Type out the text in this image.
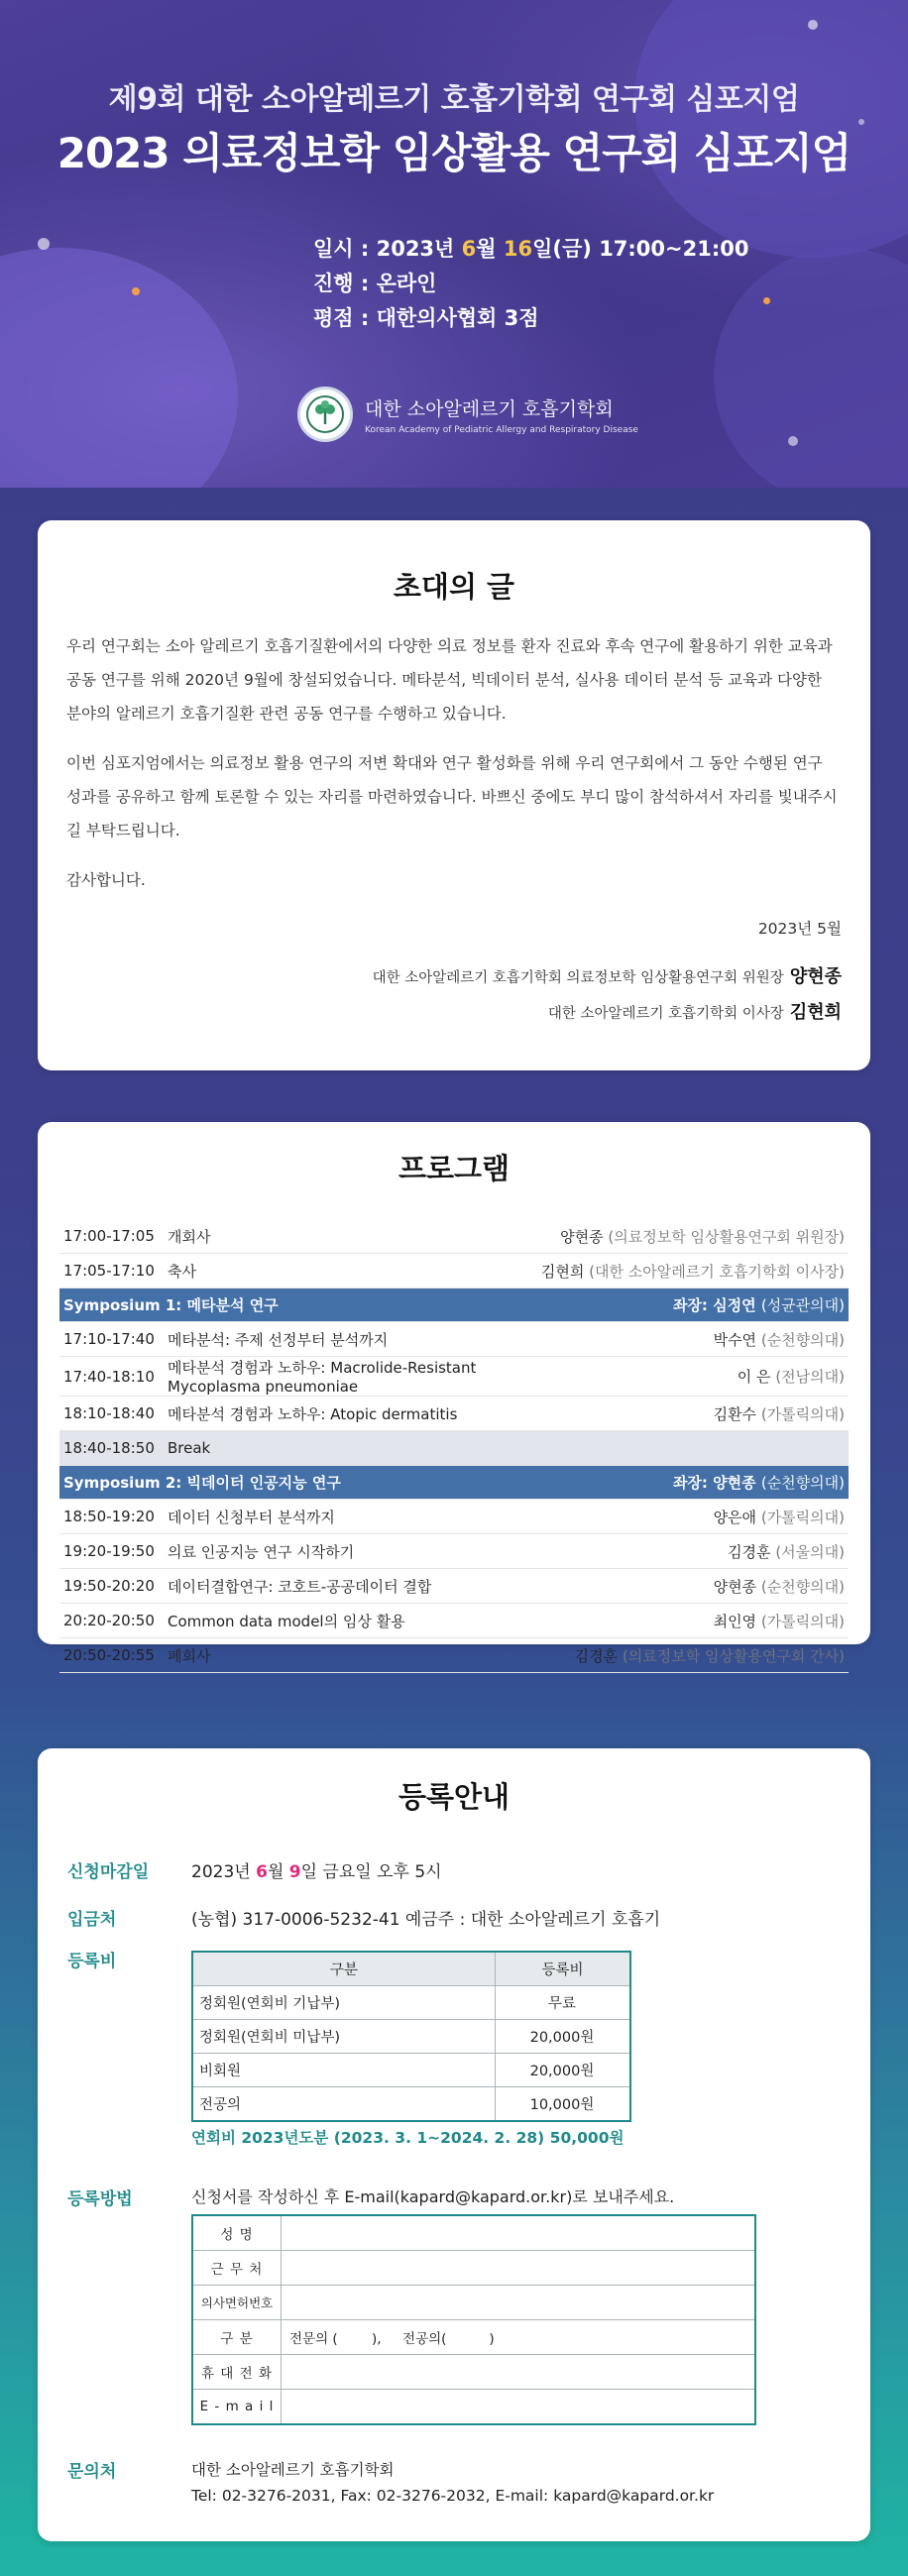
제9회 대한 소아알레르기 호흡기학회 연구회 심포지엄
2023 의료정보학 임상활용 연구회 심포지엄
일시 : 2023년 6월 16일(금) 17:00~21:00
진행 : 온라인
평점 : 대한의사협회 3점
대한 소아알레르기 호흡기학회
Korean Academy of Pediatric Allergy and Respiratory Disease
초대의 글
우리 연구회는 소아 알레르기 호흡기질환에서의 다양한 의료 정보를 환자 진료와 후속 연구에 활용하기 위한 교육과 공동 연구를 위해 2020년 9월에 창설되었습니다. 메타분석, 빅데이터 분석, 실사용 데이터 분석 등 교육과 다양한 분야의 알레르기 호흡기질환 관련 공동 연구를 수행하고 있습니다.
이번 심포지엄에서는 의료정보 활용 연구의 저변 확대와 연구 활성화를 위해 우리 연구회에서 그 동안 수행된 연구 성과를 공유하고 함께 토론할 수 있는 자리를 마련하였습니다. 바쁘신 중에도 부디 많이 참석하셔서 자리를 빛내주시길 부탁드립니다.
감사합니다.
2023년 5월
대한 소아알레르기 호흡기학회 의료정보학 임상활용연구회 위원장 양현종
대한 소아알레르기 호흡기학회 이사장 김현희
프로그램
17:00-17:05	개회사	양현종 (의료정보학 임상활용연구회 위원장)
17:05-17:10	축사	김현희 (대한 소아알레르기 호흡기학회 이사장)
Symposium 1: 메타분석 연구		좌장: 심정연 (성균관의대)
17:10-17:40	메타분석: 주제 선정부터 분석까지	박수연 (순천향의대)
17:40-18:10	메타분석 경험과 노하우: Macrolide-Resistant Mycoplasma pneumoniae	이 은 (전남의대)
18:10-18:40	메타분석 경험과 노하우: Atopic dermatitis	김환수 (가톨릭의대)
18:40-18:50	Break	
Symposium 2: 빅데이터 인공지능 연구		좌장: 양현종 (순천향의대)
18:50-19:20	데이터 신청부터 분석까지	양은애 (가톨릭의대)
19:20-19:50	의료 인공지능 연구 시작하기	김경훈 (서울의대)
19:50-20:20	데이터결합연구: 코호트-공공데이터 결합	양현종 (순천향의대)
20:20-20:50	Common data model의 임상 활용	최인영 (가톨릭의대)
20:50-20:55	폐회사	김경훈 (의료정보학 임상활용연구회 간사)
등록안내
신청마감일	2023년 6월 9일 금요일 오후 5시
입금처	(농협) 317-0006-5232-41 예금주 : 대한 소아알레르기 호흡기
등록비	구분	등록비
정회원(연회비 기납부)	무료
정회원(연회비 미납부)	20,000원
비회원	20,000원
전공의	10,000원
연회비 2023년도분 (2023. 3. 1~2024. 2. 28) 50,000원
등록방법	신청서를 작성하신 후 E-mail(kapard@kapard.or.kr)로 보내주세요.
성 명	
근 무 처	
의사면허번호	
구 분	전문의 (        ),     전공의(          )
휴 대 전 화	
E - m a i l	
문의처	대한 소아알레르기 호흡기학회
Tel: 02-3276-2031, Fax: 02-3276-2032, E-mail: kapard@kapard.or.kr
